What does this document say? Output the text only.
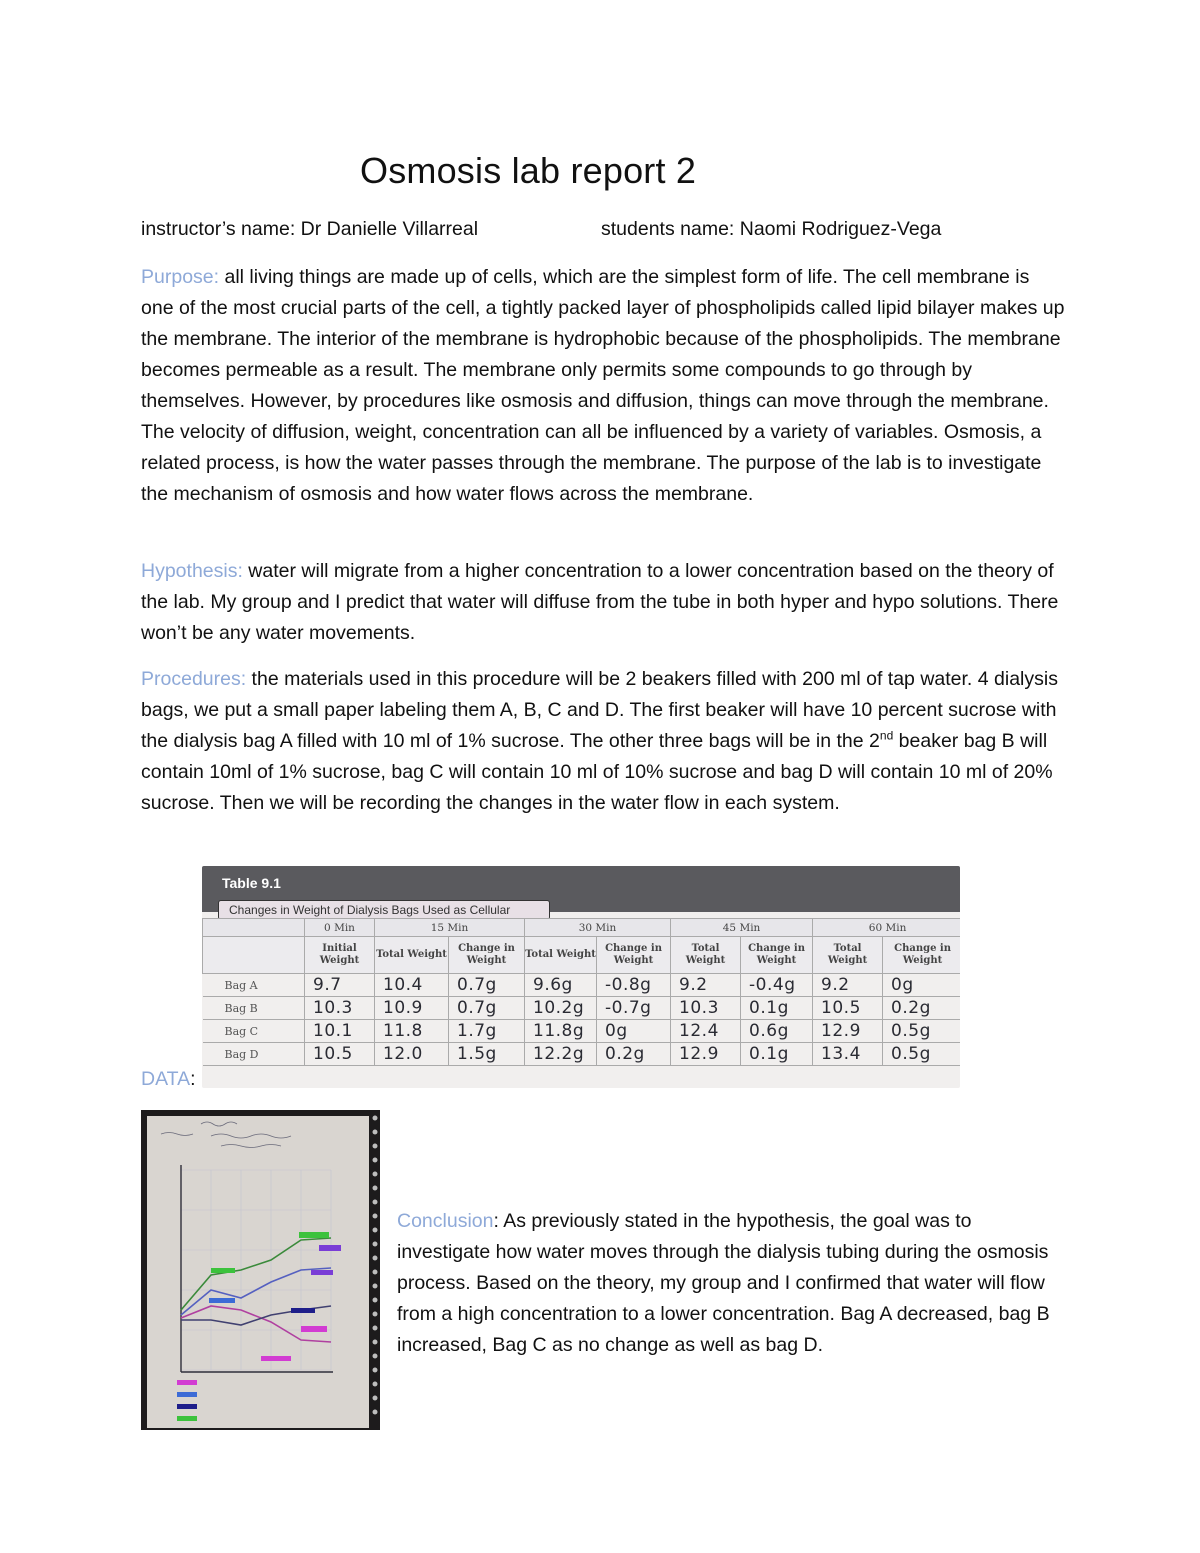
Osmosis lab report 2
instructor’s name: Dr Danielle Villarreal	students name: Naomi Rodriguez-Vega
Purpose: all living things are made up of cells, which are the simplest form of life. The cell membrane is one of the most crucial parts of the cell, a tightly packed layer of phospholipids called lipid bilayer makes up the membrane. The interior of the membrane is hydrophobic because of the phospholipids. The membrane becomes permeable as a result. The membrane only permits some compounds to go through by themselves. However, by procedures like osmosis and diffusion, things can move through the membrane. The velocity of diffusion, weight, concentration can all be influenced by a variety of variables. Osmosis, a related process, is how the water passes through the membrane. The purpose of the lab is to investigate the mechanism of osmosis and how water flows across the membrane.
Hypothesis: water will migrate from a higher concentration to a lower concentration based on the theory of the lab. My group and I predict that water will diffuse from the tube in both hyper and hypo solutions. There won’t be any water movements.
Procedures: the materials used in this procedure will be 2 beakers filled with 200 ml of tap water. 4 dialysis bags, we put a small paper labeling them A, B, C and D. The first beaker will have 10 percent sucrose with the dialysis bag A filled with 10 ml of 1% sucrose. The other three bags will be in the 2nd beaker bag B will contain 10ml of 1% sucrose, bag C will contain 10 ml of 10% sucrose and bag D will contain 10 ml of 20% sucrose. Then we will be recording the changes in the water flow in each system.
DATA:
Table 9.1
Changes in Weight of Dialysis Bags Used as Cellular
	0 Min	15 Min		30 Min		45 Min		60 Min	
	Initial Weight	Total Weight	Change in Weight	Total Weight	Change in Weight	Total Weight	Change in Weight	Total Weight	Change in Weight
Bag A	9.7	10.4	0.7g	9.6g	-0.8g	9.2	-0.4g	9.2	0g
Bag B	10.3	10.9	0.7g	10.2g	-0.7g	10.3	0.1g	10.5	0.2g
Bag C	10.1	11.8	1.7g	11.8g	0g	12.4	0.6g	12.9	0.5g
Bag D	10.5	12.0	1.5g	12.2g	0.2g	12.9	0.1g	13.4	0.5g
Conclusion: As previously stated in the hypothesis, the goal was to investigate how water moves through the dialysis tubing during the osmosis process. Based on the theory, my group and I confirmed that water will flow from a high concentration to a lower concentration. Bag A decreased, bag B increased, Bag C as no change as well as bag D.
